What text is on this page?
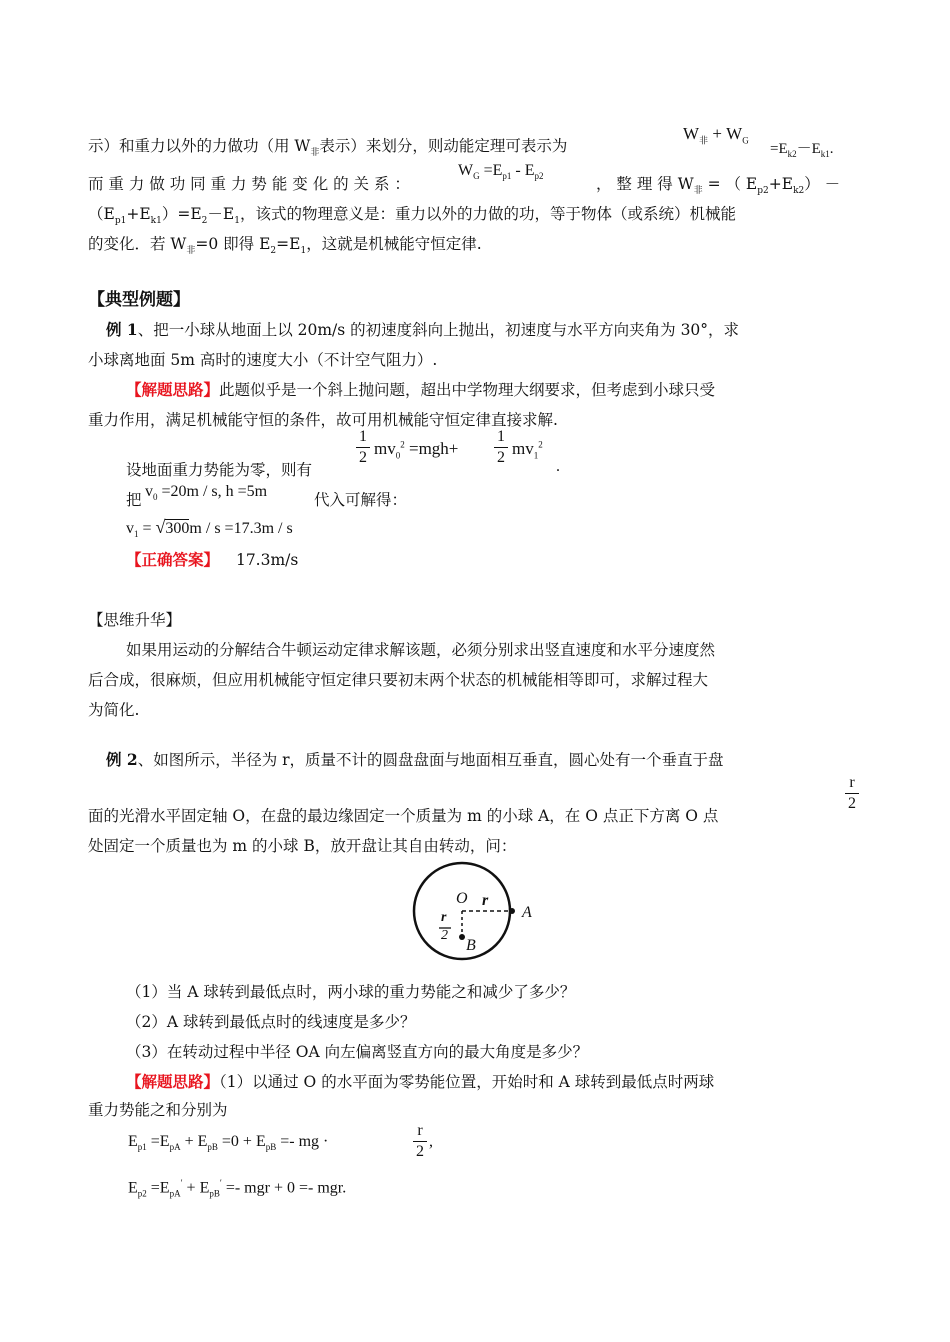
示）和重力以外的力做功（用 $W_非$表示）来划分，则动能定理可表示为
$W_非 + W_G$
$=E_{k2}-E_{k1}$.
而 重 力 做 功 同 重 力 势 能 变 化 的 关 系 ：
$W_G =E_{p1} - E_{p2}$	， 整 理 得 $W_非$ = （ $E_{p2}+E_{k2}$） －
$(E_{p1}+E_{k1})=E_2-E_1$，该式的物理意义是：重力以外的力做的功，等于物体（或系统）机械能
的变化．若 $W_非=0$ 即得 $E_2=E_1$，这就是机械能守恒定律.
【典型例题】
例 1、把一小球从地面上以 20m/s 的初速度斜向上抛出，初速度与水平方向夹角为 30°，求
小球离地面 5m 高时的速度大小（不计空气阻力）.
【解题思路】此题似乎是一个斜上抛问题，超出中学物理大纲要求，但考虑到小球只受
重力作用，满足机械能守恒的条件，故可用机械能守恒定律直接求解.
设地面重力势能为零，则有
1
2 $mv_0^2 =mgh+$
1
2 $mv_1^2$
.
把 $v_0 =20m / s$, h =5m	代入可解得：
$v_1 = √300m / s =17.3m / s$
【正确答案】 17.3m/s
【思维升华】
如果用运动的分解结合牛顿运动定律求解该题，必须分别求出竖直速度和水平分速度然
后合成，很麻烦，但应用机械能守恒定律只要初末两个状态的机械能相等即可，求解过程大
为简化.
例 2、如图所示，半径为 r，质量不计的圆盘盘面与地面相互垂直，圆心处有一个垂直于盘
面的光滑水平固定轴 O，在盘的最边缘固定一个质量为 m 的小球 A，在 O 点正下方离 O 点
r
2
处固定一个质量也为 m 的小球 B，放开盘让其自由转动，问：
O r
A
B
r
2
（1）当 A 球转到最低点时，两小球的重力势能之和减少了多少？
（2）A 球转到最低点时的线速度是多少？
（3）在转动过程中半径 OA 向左偏离竖直方向的最大角度是多少？
【解题思路】（1）以通过 O 的水平面为零势能位置，开始时和 A 球转到最低点时两球
重力势能之和分别为
$E_{p1} =E_{pA} + E_{pB} =0 + E_{pB}$ =- mg ·
r
2
,
$E_{p2} =E_{pA}' + E_{pB}'$ =- mgr + 0 =- mgr.
